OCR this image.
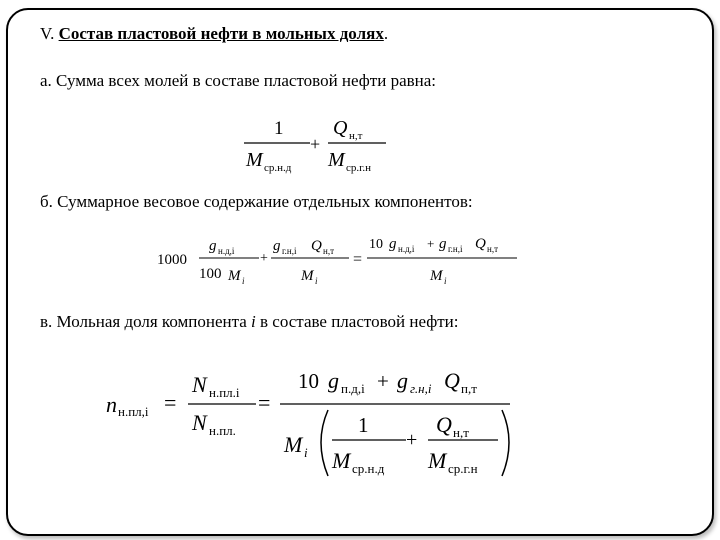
V. Состав пластовой нефти в мольных долях.
а. Сумма всех молей в составе пластовой нефти равна:
1
M ср.н.д
+
Q н,т
M ср.г.н
б. Суммарное весовое содержание отдельных компонентов:
1000
g н.д,i
100 M i
+
g г.н,i Q н,т
M i
=
10 g н.д,i + g г.н,i Q н,т
M i
в. Мольная доля компонента i в составе пластовой нефти:
n н.пл,i =
N н.пл.i
N н.пл.
=
10 g п.д,i + g г.н,i Q п,т
M i
1
M ср.н.д
+
Q н,т
M ср.г.н
